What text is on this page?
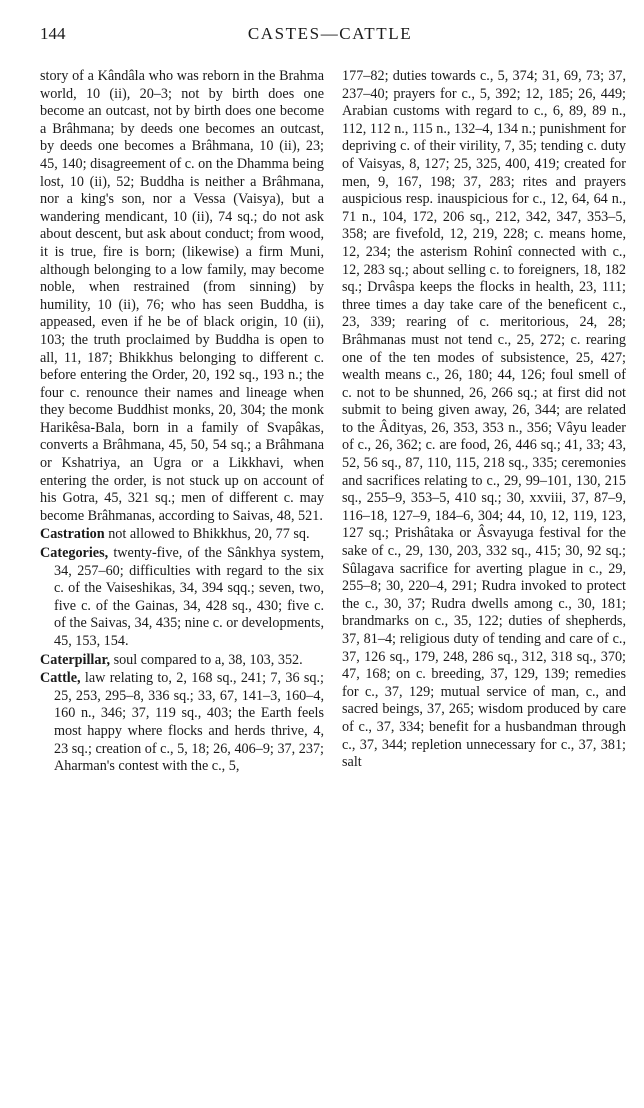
144	CASTES—CATTLE

story of a Kândâla who was reborn in the Brahma world, 10 (ii), 20–3; not by birth does one become an outcast, not by birth does one become a Brâhmana; by deeds one becomes an outcast, by deeds one becomes a Brâhmana, 10 (ii), 23; 45, 140; disagreement of c. on the Dhamma being lost, 10 (ii), 52; Buddha is neither a Brâhmana, nor a king's son, nor a Vessa (Vaisya), but a wandering mendicant, 10 (ii), 74 sq.; do not ask about descent, but ask about conduct; from wood, it is true, fire is born; (likewise) a firm Muni, although belonging to a low family, may become noble, when restrained (from sinning) by humility, 10 (ii), 76; who has seen Buddha, is appeased, even if he be of black origin, 10 (ii), 103; the truth proclaimed by Buddha is open to all, 11, 187; Bhikkhus belonging to different c. before entering the Order, 20, 192 sq., 193 n.; the four c. renounce their names and lineage when they become Buddhist monks, 20, 304; the monk Harikêsa-Bala, born in a family of Svapâkas, converts a Brâhmana, 45, 50, 54 sq.; a Brâhmana or Kshatriya, an Ugra or a Likkhavi, when entering the order, is not stuck up on account of his Gotra, 45, 321 sq.; men of different c. may become Brâhmanas, according to Saivas, 48, 521.

Castration not allowed to Bhikkhus, 20, 77 sq.

Categories, twenty-five, of the Sânkhya system, 34, 257–60; difficulties with regard to the six c. of the Vaiseshikas, 34, 394 sqq.; seven, two, five c. of the Gainas, 34, 428 sq., 430; five c. of the Saivas, 34, 435; nine c. or developments, 45, 153, 154.

Caterpillar, soul compared to a, 38, 103, 352.

Cattle, law relating to, 2, 168 sq., 241; 7, 36 sq.; 25, 253, 295–8, 336 sq.; 33, 67, 141–3, 160–4, 160 n., 346; 37, 119 sq., 403; the Earth feels most happy where flocks and herds thrive, 4, 23 sq.; creation of c., 5, 18; 26, 406–9; 37, 237; Aharman's contest with the c., 5,

177–82; duties towards c., 5, 374; 31, 69, 73; 37, 237–40; prayers for c., 5, 392; 12, 185; 26, 449; Arabian customs with regard to c., 6, 89, 89 n., 112, 112 n., 115 n., 132–4, 134 n.; punishment for depriving c. of their virility, 7, 35; tending c. duty of Vaisyas, 8, 127; 25, 325, 400, 419; created for men, 9, 167, 198; 37, 283; rites and prayers auspicious resp. inauspicious for c., 12, 64, 64 n., 71 n., 104, 172, 206 sq., 212, 342, 347, 353–5, 358; are fivefold, 12, 219, 228; c. means home, 12, 234; the asterism Rohinî connected with c., 12, 283 sq.; about selling c. to foreigners, 18, 182 sq.; Drvâspa keeps the flocks in health, 23, 111; three times a day take care of the beneficent c., 23, 339; rearing of c. meritorious, 24, 28; Brâhmanas must not tend c., 25, 272; c. rearing one of the ten modes of subsistence, 25, 427; wealth means c., 26, 180; 44, 126; foul smell of c. not to be shunned, 26, 266 sq.; at first did not submit to being given away, 26, 344; are related to the Âdityas, 26, 353, 353 n., 356; Vâyu leader of c., 26, 362; c. are food, 26, 446 sq.; 41, 33; 43, 52, 56 sq., 87, 110, 115, 218 sq., 335; ceremonies and sacrifices relating to c., 29, 99–101, 130, 215 sq., 255–9, 353–5, 410 sq.; 30, xxviii, 37, 87–9, 116–18, 127–9, 184–6, 304; 44, 10, 12, 119, 123, 127 sq.; Prishâtaka or Âsvayuga festival for the sake of c., 29, 130, 203, 332 sq., 415; 30, 92 sq.; Sûlagava sacrifice for averting plague in c., 29, 255–8; 30, 220–4, 291; Rudra invoked to protect the c., 30, 37; Rudra dwells among c., 30, 181; brandmarks on c., 35, 122; duties of shepherds, 37, 81–4; religious duty of tending and care of c., 37, 126 sq., 179, 248, 286 sq., 312, 318 sq., 370; 47, 168; on c. breeding, 37, 129, 139; remedies for c., 37, 129; mutual service of man, c., and sacred beings, 37, 265; wisdom produced by care of c., 37, 334; benefit for a husbandman through c., 37, 344; repletion unnecessary for c., 37, 381; salt
